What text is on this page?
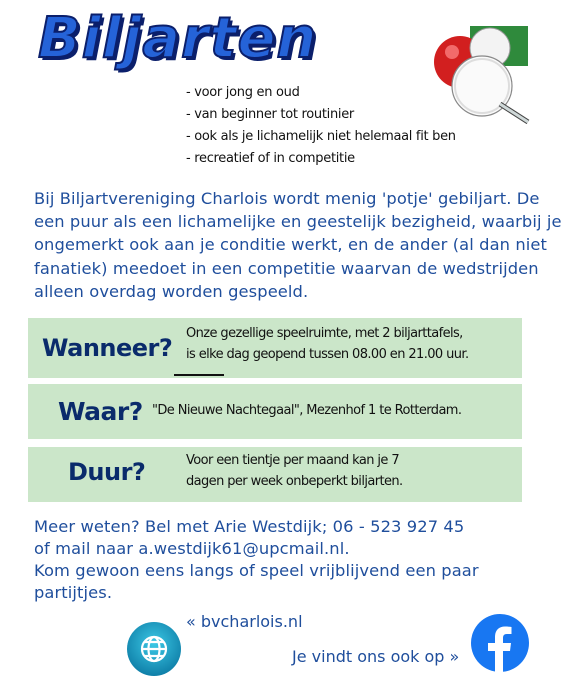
Biljarten
- voor jong en oud
- van beginner tot routinier
- ook als je lichamelijk niet helemaal fit ben
- recreatief of in competitie

Bij Biljartvereniging Charlois wordt menig 'potje' gebiljart. De een puur als een lichamelijke en geestelijk bezigheid, waarbij je ongemerkt ook aan je conditie werkt, en de ander (al dan niet fanatiek) meedoet in een competitie waarvan de wedstrijden alleen overdag worden gespeeld.

Wanneer?
Onze gezellige speelruimte, met 2 biljarttafels,
is elke dag geopend tussen 08.00 en 21.00 uur.
Waar? "De Nieuwe Nachtegaal", Mezenhof 1 te Rotterdam.
Duur?	Voor een tientje per maand kan je 7
dagen per week onbeperkt biljarten.
Meer weten? Bel met Arie Westdijk; 06 - 523 927 45
of mail naar a.westdijk61@upcmail.nl.
Kom gewoon eens langs of speel vrijblijvend een paar
partijtjes.
« bvcharlois.nl
Je vindt ons ook op »
